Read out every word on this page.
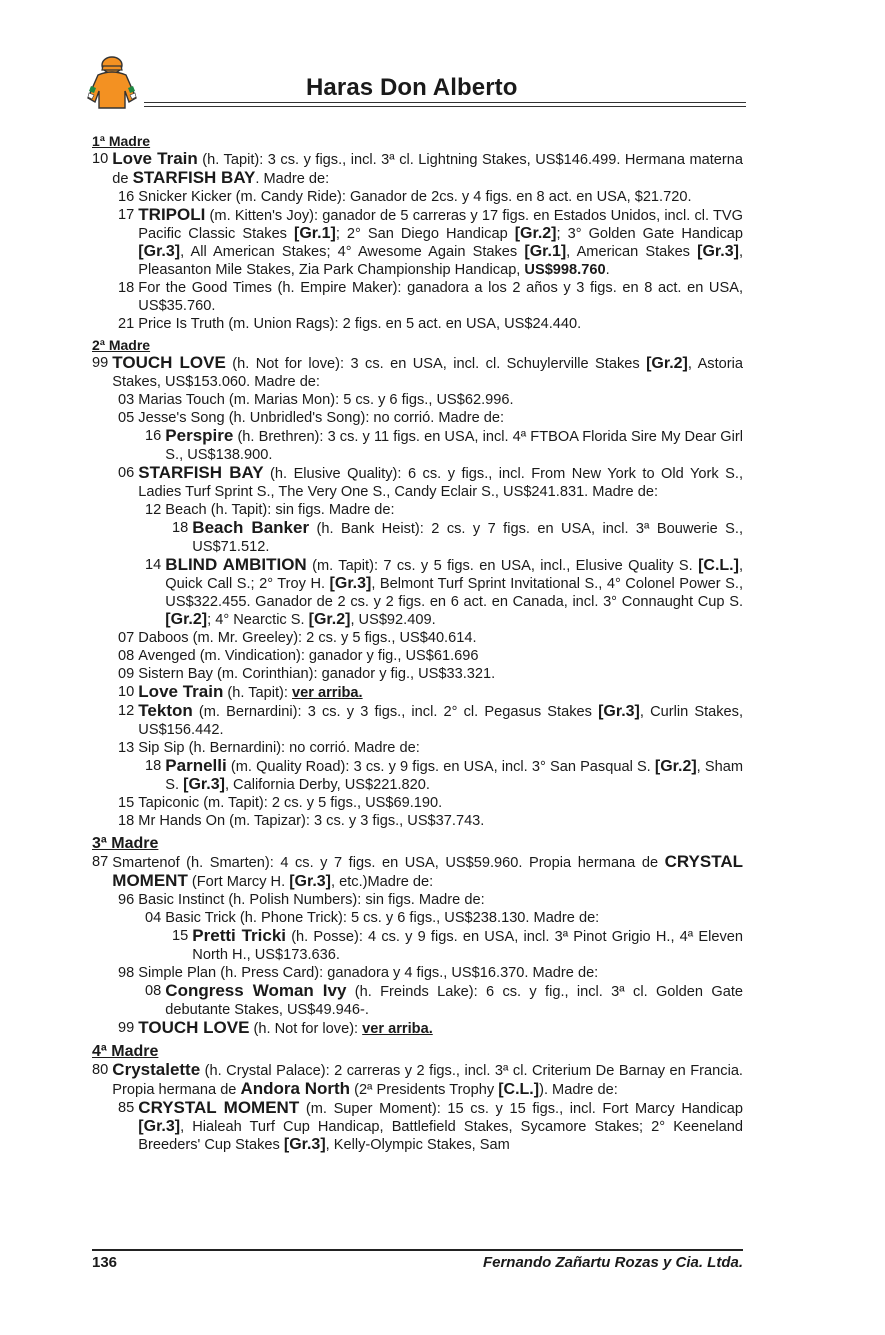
Haras Don Alberto
1ª Madre
10 Love Train (h. Tapit): 3 cs. y figs., incl. 3ª cl. Lightning Stakes, US$146.499. Hermana materna de STARFISH BAY. Madre de:
16 Snicker Kicker (m. Candy Ride): Ganador de 2cs. y 4 figs. en 8 act. en USA, $21.720.
17 TRIPOLI (m. Kitten's Joy): ganador de 5 carreras y 17 figs. en Estados Unidos, incl. cl. TVG Pacific Classic Stakes [Gr.1]; 2° San Diego Handicap [Gr.2]; 3° Golden Gate Handicap [Gr.3], All American Stakes; 4° Awesome Again Stakes [Gr.1], American Stakes [Gr.3], Pleasanton Mile Stakes, Zia Park Championship Handicap, US$998.760.
18 For the Good Times (h. Empire Maker): ganadora a los 2 años y 3 figs. en 8 act. en USA, US$35.760.
21 Price Is Truth (m. Union Rags): 2 figs. en 5 act. en USA, US$24.440.
2ª Madre
99 TOUCH LOVE (h. Not for love): 3 cs. en USA, incl. cl. Schuylerville Stakes [Gr.2], Astoria Stakes, US$153.060. Madre de:
03 Marias Touch (m. Marias Mon): 5 cs. y 6 figs., US$62.996.
05 Jesse's Song (h. Unbridled's Song): no corrió. Madre de:
16 Perspire (h. Brethren): 3 cs. y 11 figs. en USA, incl. 4ª FTBOA Florida Sire My Dear Girl S., US$138.900.
06 STARFISH BAY (h. Elusive Quality): 6 cs. y figs., incl. From New York to Old York S., Ladies Turf Sprint S., The Very One S., Candy Eclair S., US$241.831. Madre de:
12 Beach (h. Tapit): sin figs. Madre de:
18 Beach Banker (h. Bank Heist): 2 cs. y 7 figs. en USA, incl. 3ª Bouwerie S., US$71.512.
14 BLIND AMBITION (m. Tapit): 7 cs. y 5 figs. en USA, incl., Elusive Quality S. [C.L.], Quick Call S.; 2° Troy H. [Gr.3], Belmont Turf Sprint Invitational S., 4° Colonel Power S., US$322.455. Ganador de 2 cs. y 2 figs. en 6 act. en Canada, incl. 3° Connaught Cup S. [Gr.2]; 4° Nearctic S. [Gr.2], US$92.409.
07 Daboos (m. Mr. Greeley): 2 cs. y 5 figs., US$40.614.
08 Avenged (m. Vindication): ganador y fig., US$61.696
09 Sistern Bay (m. Corinthian): ganador y fig., US$33.321.
10 Love Train (h. Tapit): ver arriba.
12 Tekton (m. Bernardini): 3 cs. y 3 figs., incl. 2° cl. Pegasus Stakes [Gr.3], Curlin Stakes, US$156.442.
13 Sip Sip (h. Bernardini): no corrió. Madre de:
18 Parnelli (m. Quality Road): 3 cs. y 9 figs. en USA, incl. 3° San Pasqual S. [Gr.2], Sham S. [Gr.3], California Derby, US$221.820.
15 Tapiconic (m. Tapit): 2 cs. y 5 figs., US$69.190.
18 Mr Hands On (m. Tapizar): 3 cs. y 3 figs., US$37.743.
3ª Madre
87 Smartenof (h. Smarten): 4 cs. y 7 figs. en USA, US$59.960. Propia hermana de CRYSTAL MOMENT (Fort Marcy H. [Gr.3], etc.)Madre de:
96 Basic Instinct (h. Polish Numbers): sin figs. Madre de:
04 Basic Trick (h. Phone Trick): 5 cs. y 6 figs., US$238.130. Madre de:
15 Pretti Tricki (h. Posse): 4 cs. y 9 figs. en USA, incl. 3ª Pinot Grigio H., 4ª Eleven North H., US$173.636.
98 Simple Plan (h. Press Card): ganadora y 4 figs., US$16.370. Madre de:
08 Congress Woman Ivy (h. Freinds Lake): 6 cs. y fig., incl. 3ª cl. Golden Gate debutante Stakes, US$49.946-.
99 TOUCH LOVE (h. Not for love): ver arriba.
4ª Madre
80 Crystalette (h. Crystal Palace): 2 carreras y 2 figs., incl. 3ª cl. Criterium De Barnay en Francia. Propia hermana de Andora North (2ª Presidents Trophy [C.L.]). Madre de:
85 CRYSTAL MOMENT (m. Super Moment): 15 cs. y 15 figs., incl. Fort Marcy Handicap [Gr.3], Hialeah Turf Cup Handicap, Battlefield Stakes, Sycamore Stakes; 2° Keeneland Breeders' Cup Stakes [Gr.3], Kelly-Olympic Stakes, Sam
136	Fernando Zañartu Rozas y Cia. Ltda.
